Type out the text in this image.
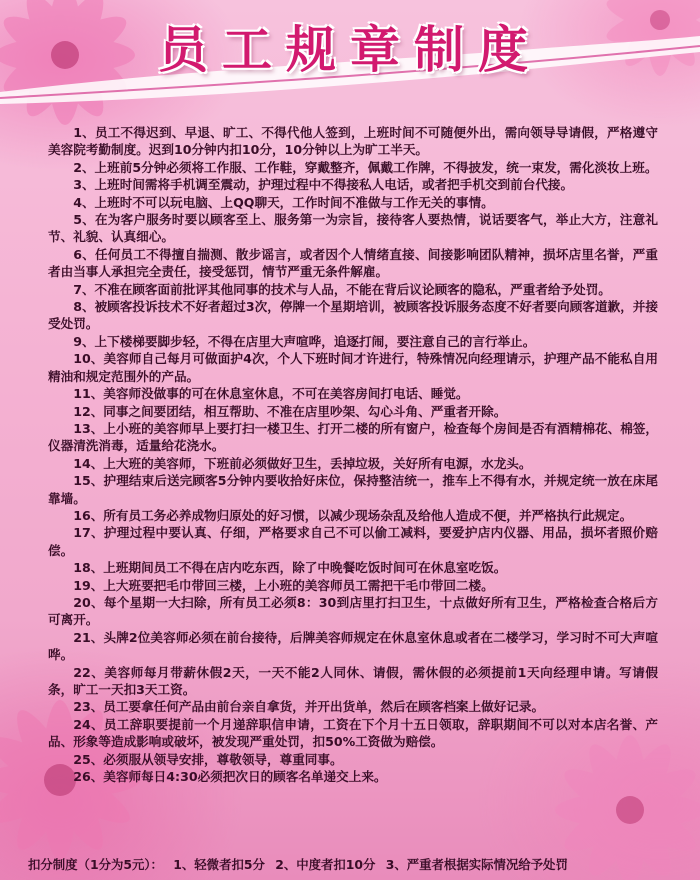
员工规章制度

1、员工不得迟到、早退、旷工、不得代他人签到，上班时间不可随便外出，需向领导导请假，严格遵守美容院考勤制度。迟到10分钟内扣10分，10分钟以上为旷工半天。

2、上班前5分钟必须将工作服、工作鞋，穿戴整齐，佩戴工作牌，不得披发，统一束发，需化淡妆上班。

3、上班时间需将手机调至震动，护理过程中不得接私人电话，或者把手机交到前台代接。

4、上班时不可以玩电脑、上QQ聊天，工作时间不准做与工作无关的事情。

5、在为客户服务时要以顾客至上、服务第一为宗旨，接待客人要热情，说话要客气，举止大方，注意礼节、礼貌、认真细心。

6、任何员工不得擅自揣测、散步谣言，或者因个人情绪直接、间接影响团队精神，损坏店里名誉，严重者由当事人承担完全责任，接受惩罚，情节严重无条件解雇。

7、不准在顾客面前批评其他同事的技术与人品，不能在背后议论顾客的隐私，严重者给予处罚。

8、被顾客投诉技术不好者超过3次，停牌一个星期培训，被顾客投诉服务态度不好者要向顾客道歉，并接受处罚。

9、上下楼梯要脚步轻，不得在店里大声喧哗，追逐打闹，要注意自己的言行举止。

10、美容师自己每月可做面护4次，个人下班时间才许进行，特殊情况向经理请示，护理产品不能私自用精油和规定范围外的产品。

11、美容师没做事的可在休息室休息，不可在美容房间打电话、睡觉。

12、同事之间要团结，相互帮助、不准在店里吵架、勾心斗角、严重者开除。

13、上小班的美容师早上要打扫一楼卫生、打开二楼的所有窗户，检查每个房间是否有酒精棉花、棉签，仪器清洗消毒，适量给花浇水。

14、上大班的美容师，下班前必须做好卫生，丢掉垃圾，关好所有电源，水龙头。

15、护理结束后送完顾客5分钟内要收拾好床位，保持整洁统一，推车上不得有水，并规定统一放在床尾靠墙。

16、所有员工务必养成物归原处的好习惯，以减少现场杂乱及给他人造成不便，并严格执行此规定。

17、护理过程中要认真、仔细，严格要求自己不可以偷工减料，要爱护店内仪器、用品，损坏者照价赔偿。

18、上班期间员工不得在店内吃东西，除了中晚餐吃饭时间可在休息室吃饭。

19、上大班要把毛巾带回三楼，上小班的美容师员工需把干毛巾带回二楼。

20、每个星期一大扫除，所有员工必须8：30到店里打扫卫生，十点做好所有卫生，严格检查合格后方可离开。

21、头牌2位美容师必须在前台接待，后牌美容师规定在休息室休息或者在二楼学习，学习时不可大声喧哗。

22、美容师每月带薪休假2天，一天不能2人同休、请假，需休假的必须提前1天向经理申请。写请假条，旷工一天扣3天工资。

23、员工要拿任何产品由前台亲自拿货，并开出货单，然后在顾客档案上做好记录。

24、员工辞职要提前一个月递辞职信申请，工资在下个月十五日领取，辞职期间不可以对本店名誉、产品、形象等造成影响或破坏，被发现严重处罚，扣50%工资做为赔偿。

25、必须服从领导安排，尊敬领导，尊重同事。

26、美容师每日4:30必须把次日的顾客名单递交上来。

扣分制度（1分为5元）： 1、轻微者扣5分 2、中度者扣10分 3、严重者根据实际情况给予处罚
